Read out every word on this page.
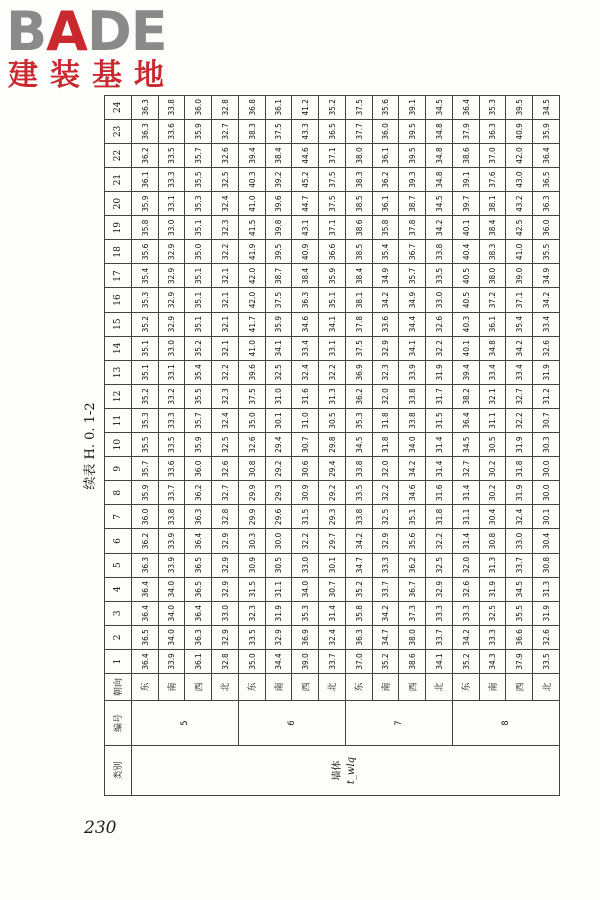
BADE
建装基地
续表 H. 0. 1-2
类别	编号	朝向	1	2	3	4	5	6	7	8	9	10	11	12	13	14	15	16	17	18	19	20	21	22	23	24

墙体 t_wlq	5	东	36.4	36.5	36.4	36.4	36.3	36.2	36.0	35.9	35.7	35.5	35.3	35.2	35.1	35.1	35.2	35.3	35.4	35.6	35.8	35.9	36.1	36.2	36.3	36.3
		南	33.9	34.0	34.0	34.0	33.9	33.9	33.8	33.7	33.6	33.5	33.3	33.2	33.1	33.0	32.9	32.9	32.9	32.9	33.0	33.1	33.3	33.5	33.6	33.8
		西	36.1	36.3	36.4	36.5	36.5	36.4	36.3	36.2	36.0	35.9	35.7	35.5	35.4	35.2	35.1	35.1	35.1	35.0	35.1	35.3	35.5	35.7	35.9	36.0
		北	32.8	32.9	33.0	32.9	32.9	32.9	32.8	32.7	32.6	32.5	32.4	32.3	32.2	32.1	32.1	32.1	32.1	32.2	32.3	32.4	32.5	32.6	32.7	32.8
	6	东	35.0	33.5	32.3	31.5	30.9	30.3	29.9	29.9	30.8	32.6	35.0	37.5	39.6	41.0	41.7	42.0	42.0	41.9	41.5	41.0	40.3	39.4	38.3	36.8
		南	34.4	32.9	31.9	31.1	30.5	30.0	29.6	29.3	29.2	29.4	30.1	31.0	32.5	34.1	35.9	37.5	38.7	39.5	39.8	39.6	39.2	38.4	37.5	36.1
		西	39.0	36.9	35.3	34.0	33.0	32.2	31.5	30.9	30.6	30.7	31.0	31.6	32.4	33.4	34.6	36.3	38.4	40.9	43.1	44.7	45.2	44.6	43.3	41.2
		北	33.7	32.4	31.4	30.7	30.1	29.7	29.3	29.2	29.4	29.8	30.5	31.3	32.2	33.1	34.1	35.1	35.9	36.6	37.1	37.5	37.5	37.1	36.5	35.2
	7	东	37.0	36.3	35.8	35.2	34.7	34.2	33.8	33.5	33.8	34.5	35.3	36.2	36.9	37.5	37.8	38.1	38.4	38.5	38.6	38.5	38.3	38.0	37.7	37.5
		南	35.2	34.7	34.2	33.7	33.3	32.9	32.5	32.2	32.0	31.8	31.8	32.0	32.3	32.9	33.6	34.2	34.9	35.4	35.8	36.1	36.2	36.1	36.0	35.6
		西	38.6	38.0	37.3	36.7	36.2	35.6	35.1	34.6	34.2	34.0	33.8	33.8	33.9	34.1	34.4	34.9	35.7	36.7	37.8	38.7	39.3	39.5	39.5	39.1
		北	34.1	33.7	33.3	32.9	32.5	32.2	31.8	31.6	31.4	31.4	31.5	31.7	31.9	32.2	32.6	33.0	33.5	33.8	34.2	34.5	34.8	34.8	34.8	34.5
	8	东	35.2	34.2	33.3	32.6	32.0	31.4	31.1	31.4	32.7	34.5	36.4	38.2	39.4	40.1	40.3	40.5	40.5	40.4	40.1	39.7	39.1	38.6	37.9	36.4
		南	34.3	33.3	32.5	31.9	31.3	30.8	30.4	30.2	30.2	30.5	31.1	32.1	33.4	34.8	36.1	37.2	38.0	38.3	38.4	38.1	37.6	37.0	36.3	35.3
		西	37.9	36.6	35.5	34.5	33.7	33.0	32.4	31.9	31.8	31.9	32.2	32.7	33.4	34.2	35.4	37.1	39.0	41.0	42.5	43.2	43.0	42.0	40.9	39.5
		北	33.5	32.6	31.9	31.3	30.8	30.4	30.1	30.0	30.0	30.3	30.7	31.2	31.9	32.6	33.4	34.2	34.9	35.5	36.0	36.3	36.5	36.4	35.9	34.5
230
